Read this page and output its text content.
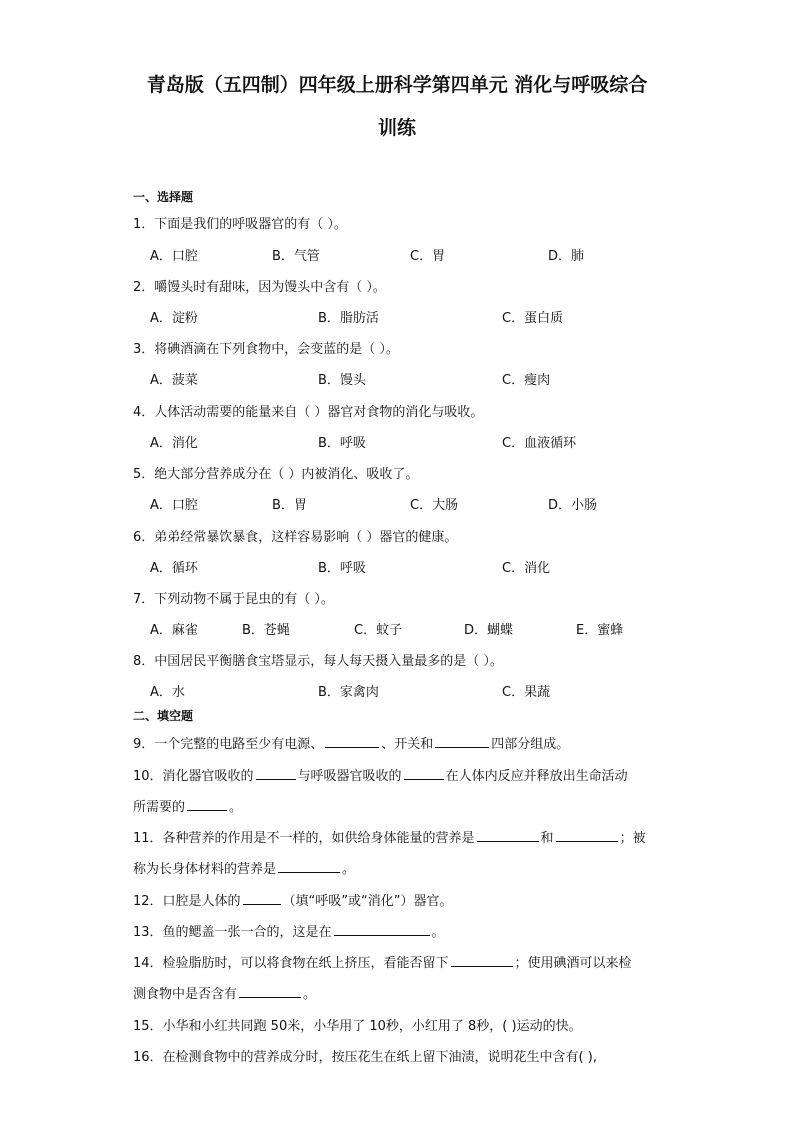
青岛版（五四制）四年级上册科学第四单元 消化与呼吸综合
训练
一、选择题
1．下面是我们的呼吸器官的有（ ）。
A．口腔	B．气管	C．胃	D．肺
2．嚼馒头时有甜味，因为馒头中含有（ ）。
A．淀粉	B．脂肪活	C．蛋白质
3．将碘酒滴在下列食物中，会变蓝的是（ ）。
A．菠菜	B．馒头	C．瘦肉
4．人体活动需要的能量来自（ ）器官对食物的消化与吸收。
A．消化	B．呼吸	C．血液循环
5．绝大部分营养成分在（ ）内被消化、吸收了。
A．口腔	B．胃	C．大肠	D．小肠
6．弟弟经常暴饮暴食，这样容易影响（ ）器官的健康。
A．循环	B．呼吸	C．消化
7．下列动物不属于昆虫的有（ ）。
A．麻雀	B．苍蝇	C．蚊子	D．蝴蝶	E．蜜蜂
8．中国居民平衡膳食宝塔显示，每人每天摄入量最多的是（ ）。
A．水	B．家禽肉	C．果蔬
二、填空题
9．一个完整的电路至少有电源、	、开关和	四部分组成。
10．消化器官吸收的	与呼吸器官吸收的	在人体内反应并释放出生命活动
所需要的	。
11．各种营养的作用是不一样的，如供给身体能量的营养是	和	；被
称为长身体材料的营养是	。
12．口腔是人体的	（填“呼吸”或“消化”）器官。
13．鱼的鳃盖一张一合的，这是在	。
14．检验脂肪时，可以将食物在纸上挤压，看能否留下	；使用碘酒可以来检
测食物中是否含有	。
15．小华和小红共同跑 50米，小华用了 10秒，小红用了 8秒，( )运动的快。
16．在检测食物中的营养成分时，按压花生在纸上留下油渍，说明花生中含有( ),
